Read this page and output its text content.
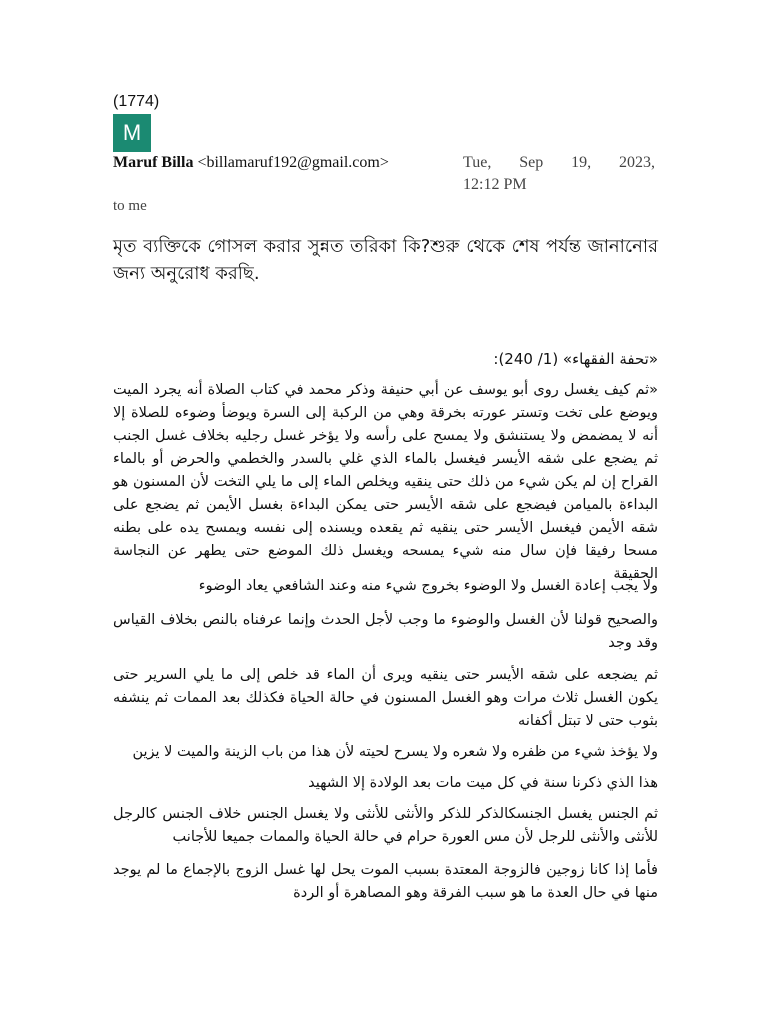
(1774)
M
Maruf Billa <billamaruf192@gmail.com>	Tue, Sep 19, 2023,
12:12 PM
to me
মৃত ব্যক্তিকে গোসল করার সুন্নত তরিকা কি?শুরু থেকে শেষ পর্যন্ত জানানোর জন্য অনুরোধ করছি.
«تحفة الفقهاء» (1/ 240):
«ثم كيف يغسل روى أبو يوسف عن أبي حنيفة وذكر محمد في كتاب الصلاة أنه يجرد الميت ويوضع على تخت وتستر عورته بخرقة وهي من الركبة إلى السرة ويوضأ وضوءه للصلاة إلا أنه لا يمضمض ولا يستنشق ولا يمسح على رأسه ولا يؤخر غسل رجليه بخلاف غسل الجنب ثم يضجع على شقه الأيسر فيغسل بالماء الذي غلي بالسدر والخطمي والحرض أو بالماء القراح إن لم يكن شيء من ذلك حتى ينقيه ويخلص الماء إلى ما يلي التخت لأن المسنون هو البداءة بالميامن فيضجع على شقه الأيسر حتى يمكن البداءة بغسل الأيمن ثم يضجع على شقه الأيمن فيغسل الأيسر حتى ينقيه ثم يقعده ويسنده إلى نفسه ويمسح يده على بطنه مسحا رفيقا فإن سال منه شيء يمسحه ويغسل ذلك الموضع حتى يطهر عن النجاسة الحقيقة
ولا يجب إعادة الغسل ولا الوضوء بخروج شيء منه وعند الشافعي يعاد الوضوء
والصحيح قولنا لأن الغسل والوضوء ما وجب لأجل الحدث وإنما عرفناه بالنص بخلاف القياس وقد وجد
ثم يضجعه على شقه الأيسر حتى ينقيه ويرى أن الماء قد خلص إلى ما يلي السرير حتى يكون الغسل ثلاث مرات وهو الغسل المسنون في حالة الحياة فكذلك بعد الممات ثم ينشفه بثوب حتى لا تبتل أكفانه
ولا يؤخذ شيء من ظفره ولا شعره ولا يسرح لحيته لأن هذا من باب الزينة والميت لا يزين
هذا الذي ذكرنا سنة في كل ميت مات بعد الولادة إلا الشهيد
ثم الجنس يغسل الجنسكالذكر للذكر والأنثى للأنثى ولا يغسل الجنس خلاف الجنس كالرجل للأنثى والأنثى للرجل لأن مس العورة حرام في حالة الحياة والممات جميعا للأجانب
فأما إذا كانا زوجين فالزوجة المعتدة بسبب الموت يحل لها غسل الزوج بالإجماع ما لم يوجد منها في حال العدة ما هو سبب الفرقة وهو المصاهرة أو الردة
